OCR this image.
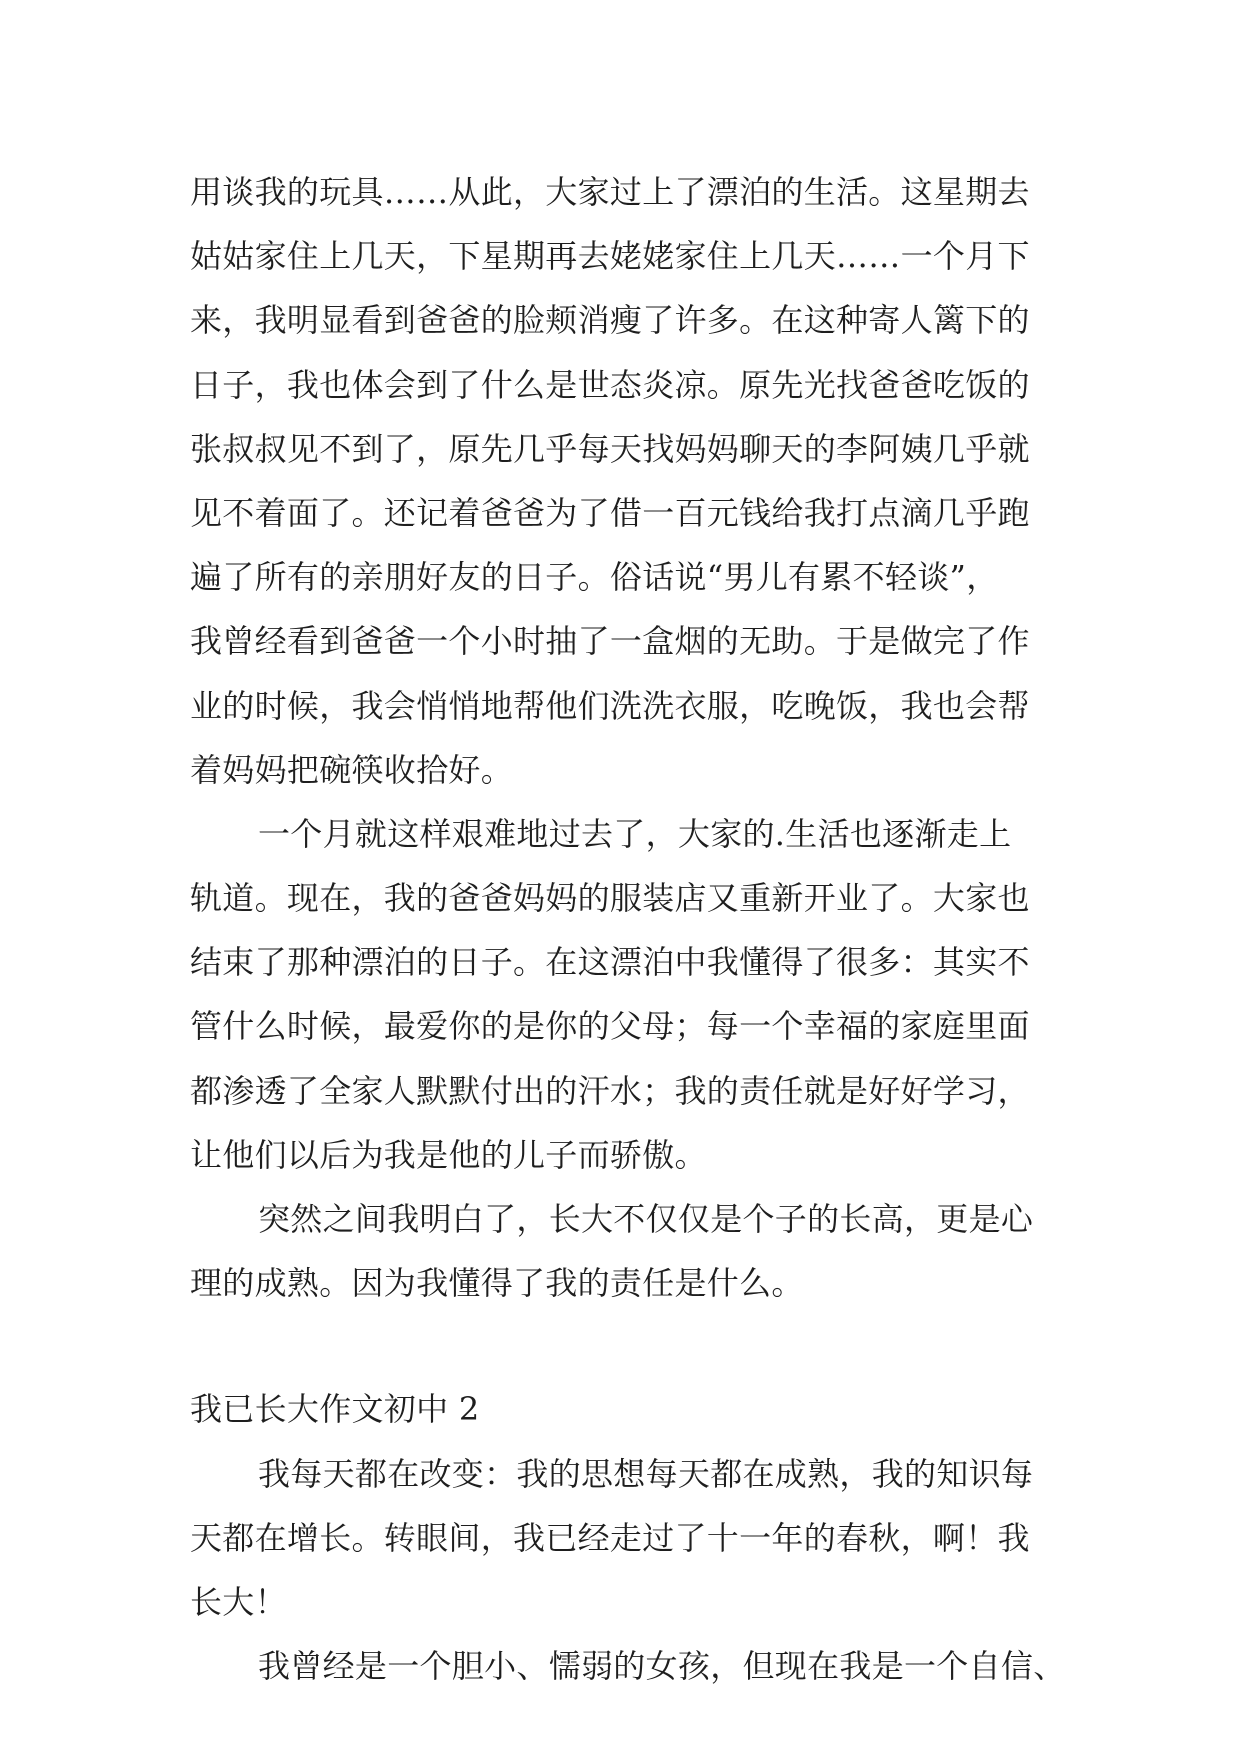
用谈我的玩具……从此，大家过上了漂泊的生活。这星期去
姑姑家住上几天，下星期再去姥姥家住上几天……一个月下
来，我明显看到爸爸的脸颊消瘦了许多。在这种寄人篱下的
日子，我也体会到了什么是世态炎凉。原先光找爸爸吃饭的
张叔叔见不到了，原先几乎每天找妈妈聊天的李阿姨几乎就
见不着面了。还记着爸爸为了借一百元钱给我打点滴几乎跑
遍了所有的亲朋好友的日子。俗话说“男儿有累不轻谈”，
我曾经看到爸爸一个小时抽了一盒烟的无助。于是做完了作
业的时候，我会悄悄地帮他们洗洗衣服，吃晚饭，我也会帮
着妈妈把碗筷收拾好。
一个月就这样艰难地过去了，大家的.生活也逐渐走上
轨道。现在，我的爸爸妈妈的服装店又重新开业了。大家也
结束了那种漂泊的日子。在这漂泊中我懂得了很多：其实不
管什么时候，最爱你的是你的父母；每一个幸福的家庭里面
都渗透了全家人默默付出的汗水；我的责任就是好好学习，
让他们以后为我是他的儿子而骄傲。
突然之间我明白了，长大不仅仅是个子的长高，更是心
理的成熟。因为我懂得了我的责任是什么。
我已长大作文初中 2
我每天都在改变：我的思想每天都在成熟，我的知识每
天都在增长。转眼间，我已经走过了十一年的春秋，啊！我
长大！
我曾经是一个胆小、懦弱的女孩，但现在我是一个自信、
